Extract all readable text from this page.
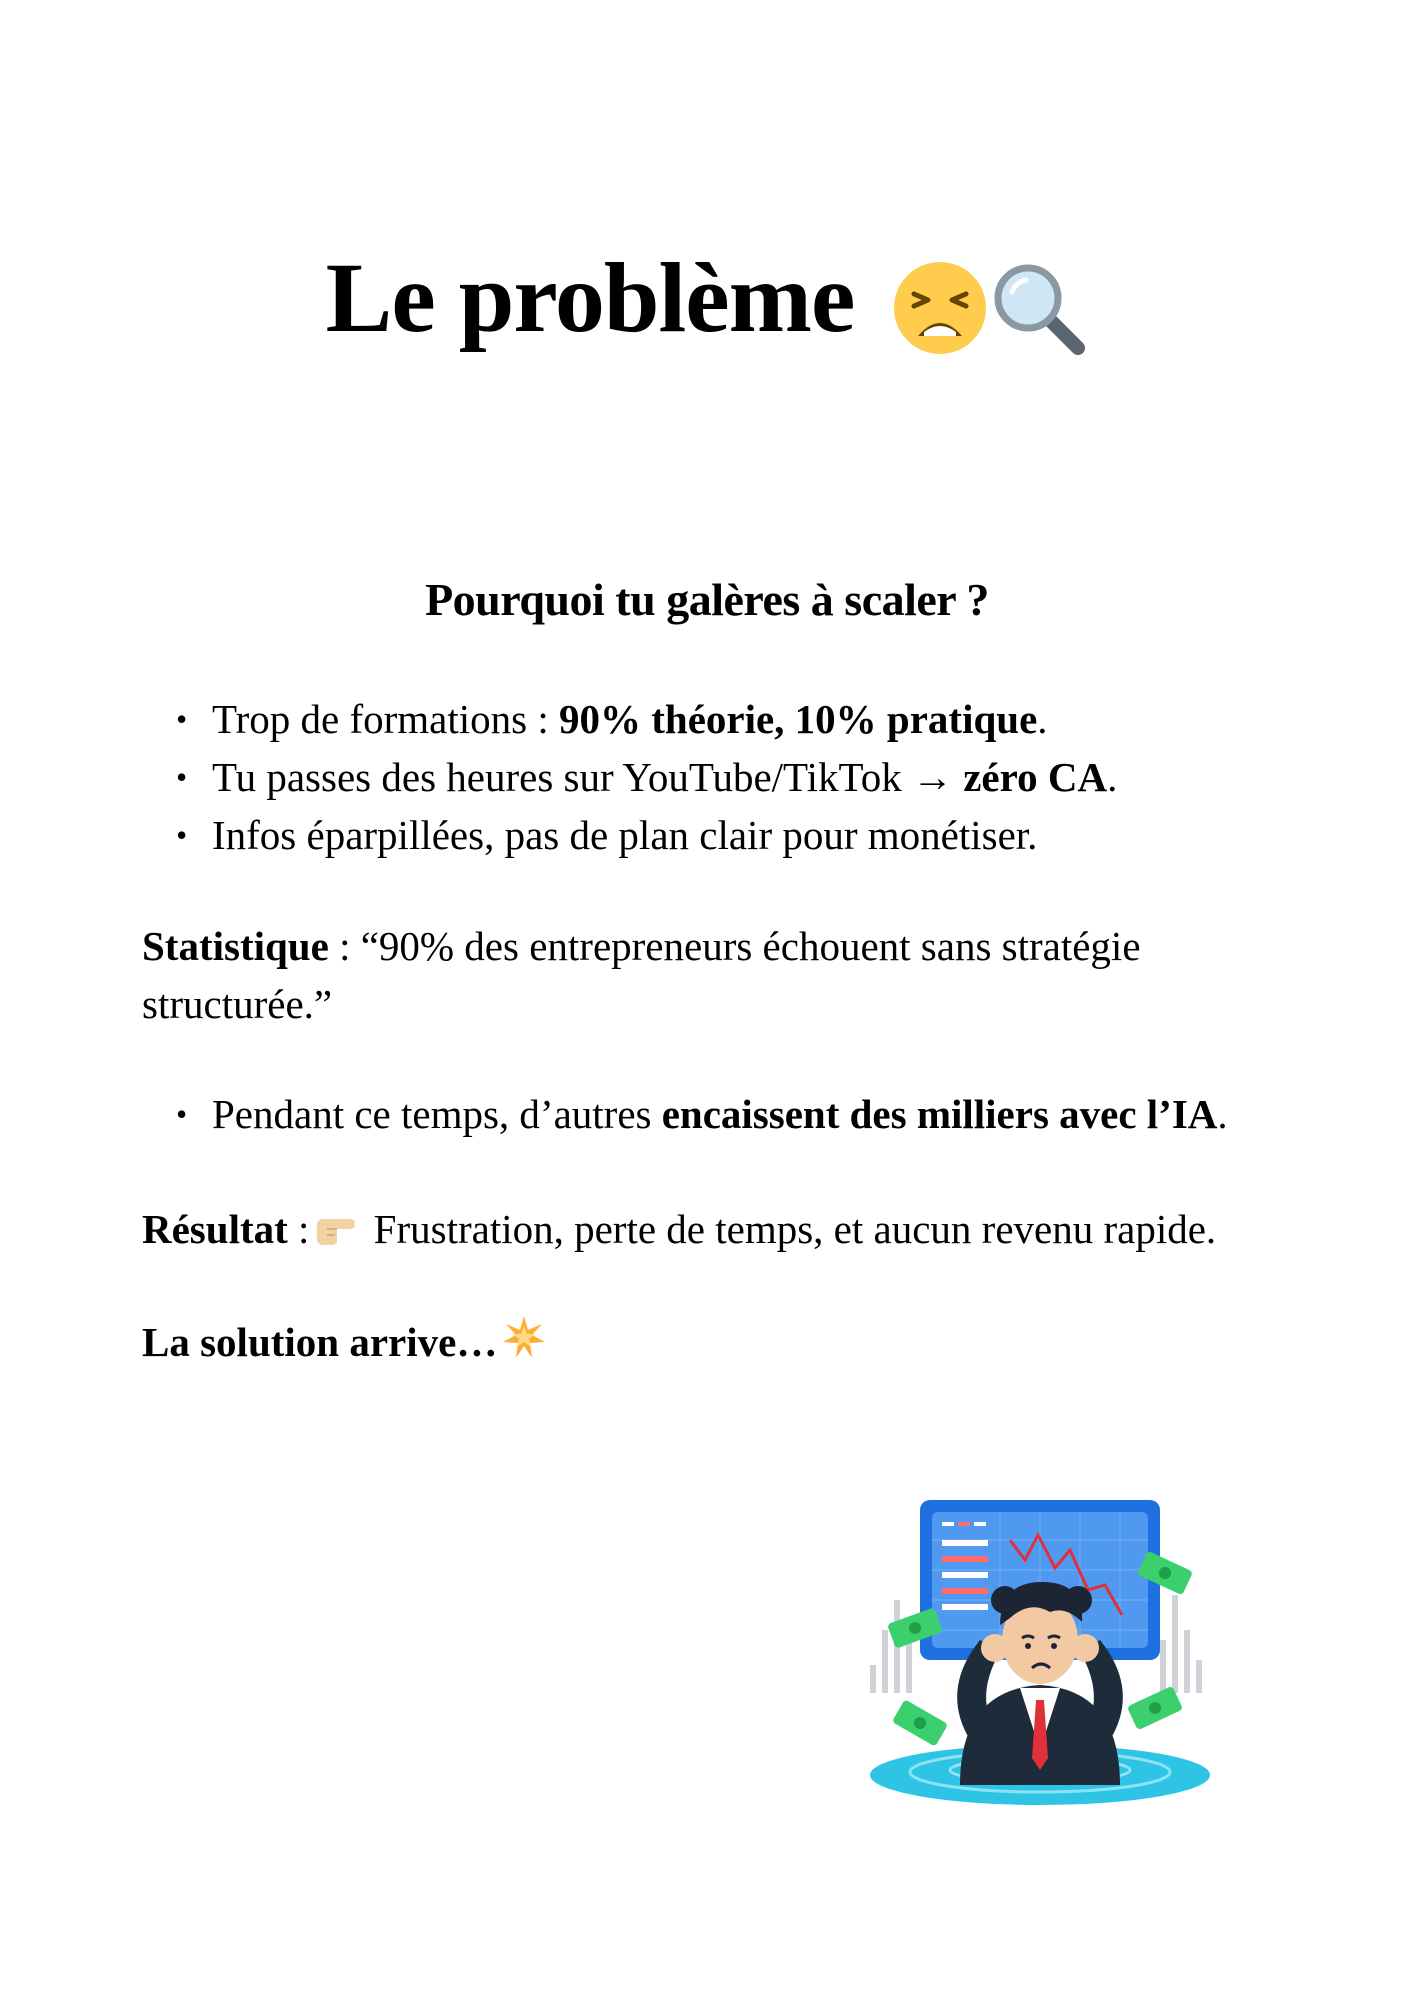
Le problème
Pourquoi tu galères à scaler ?
• Trop de formations : 90% théorie, 10% pratique.
• Tu passes des heures sur YouTube/TikTok → zéro CA.
• Infos éparpillées, pas de plan clair pour monétiser.
Statistique : “90% des entrepreneurs échouent sans stratégie structurée.”
• Pendant ce temps, d’autres encaissent des milliers avec l’IA.
Résultat : Frustration, perte de temps, et aucun revenu rapide.
La solution arrive…
